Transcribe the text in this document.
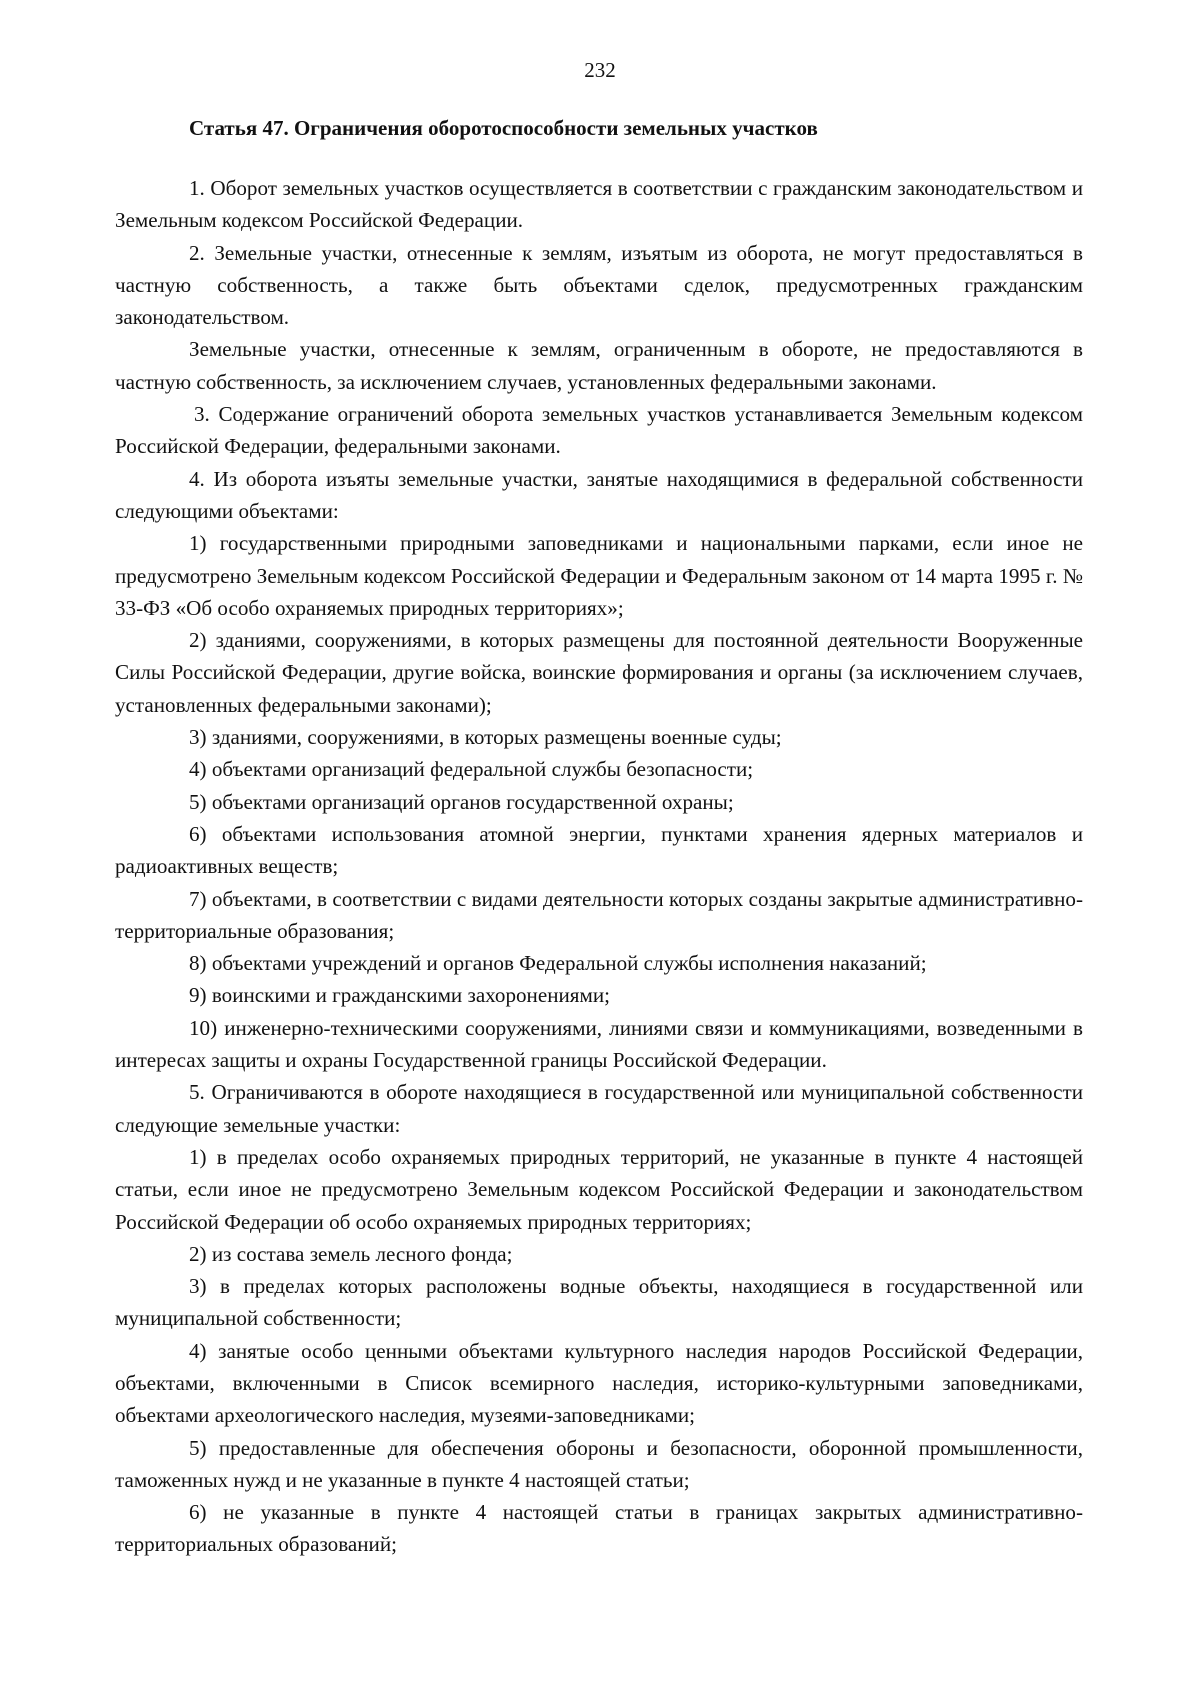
232
Статья 47. Ограничения оборотоспособности земельных участков

1. Оборот земельных участков осуществляется в соответствии с гражданским законодательством и Земельным кодексом Российской Федерации.

2. Земельные участки, отнесенные к землям, изъятым из оборота, не могут предоставляться в частную собственность, а также быть объектами сделок, предусмотренных гражданским законодательством.

Земельные участки, отнесенные к землям, ограниченным в обороте, не предоставляются в частную собственность, за исключением случаев, установленных федеральными законами.

3. Содержание ограничений оборота земельных участков устанавливается Земельным кодексом Российской Федерации, федеральными законами.

4. Из оборота изъяты земельные участки, занятые находящимися в федеральной собственности следующими объектами:

1) государственными природными заповедниками и национальными парками, если иное не предусмотрено Земельным кодексом Российской Федерации и Федеральным законом от 14 марта 1995 г. № 33-ФЗ «Об особо охраняемых природных территориях»;

2) зданиями, сооружениями, в которых размещены для постоянной деятельности Вооруженные Силы Российской Федерации, другие войска, воинские формирования и органы (за исключением случаев, установленных федеральными законами);

3) зданиями, сооружениями, в которых размещены военные суды;

4) объектами организаций федеральной службы безопасности;

5) объектами организаций органов государственной охраны;

6) объектами использования атомной энергии, пунктами хранения ядерных материалов и радиоактивных веществ;

7) объектами, в соответствии с видами деятельности которых созданы закрытые административно-территориальные образования;

8) объектами учреждений и органов Федеральной службы исполнения наказаний;

9) воинскими и гражданскими захоронениями;

10) инженерно-техническими сооружениями, линиями связи и коммуникациями, возведенными в интересах защиты и охраны Государственной границы Российской Федерации.

5. Ограничиваются в обороте находящиеся в государственной или муниципальной собственности следующие земельные участки:

1) в пределах особо охраняемых природных территорий, не указанные в пункте 4 настоящей статьи, если иное не предусмотрено Земельным кодексом Российской Федерации и законодательством Российской Федерации об особо охраняемых природных территориях;

2) из состава земель лесного фонда;

3) в пределах которых расположены водные объекты, находящиеся в государственной или муниципальной собственности;

4) занятые особо ценными объектами культурного наследия народов Российской Федерации, объектами, включенными в Список всемирного наследия, историко-культурными заповедниками, объектами археологического наследия, музеями-заповедниками;

5) предоставленные для обеспечения обороны и безопасности, оборонной промышленности, таможенных нужд и не указанные в пункте 4 настоящей статьи;

6) не указанные в пункте 4 настоящей статьи в границах закрытых административно-территориальных образований;
